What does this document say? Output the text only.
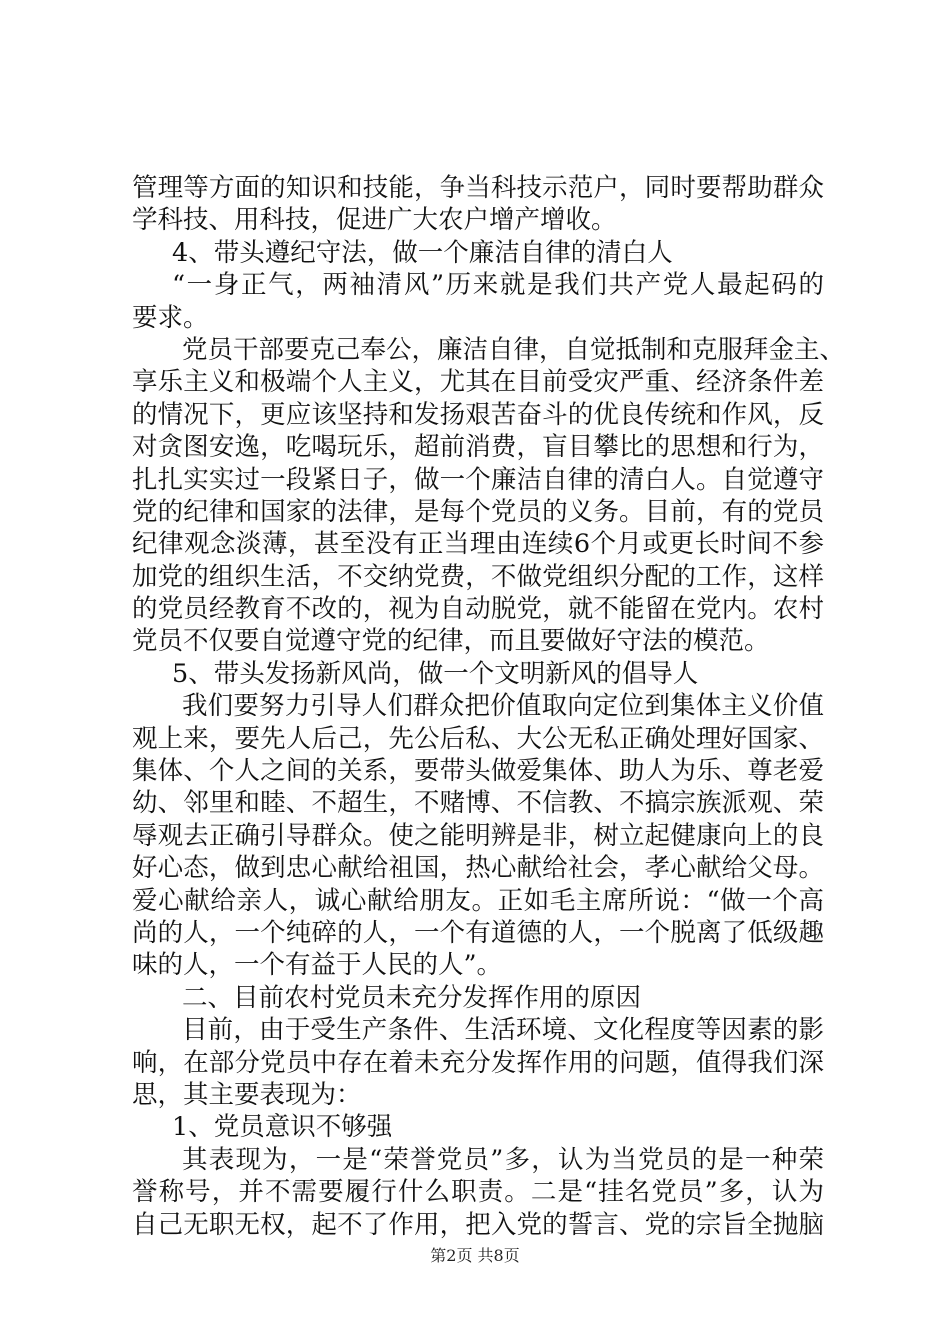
管理等方面的知识和技能，争当科技示范户，同时要帮助群众
学科技、用科技，促进广大农户增产增收。
4、带头遵纪守法，做一个廉洁自律的清白人
“一身正气，两袖清风”历来就是我们共产党人最起码的
要求。
党员干部要克己奉公，廉洁自律，自觉抵制和克服拜金主、
享乐主义和极端个人主义，尤其在目前受灾严重、经济条件差
的情况下，更应该坚持和发扬艰苦奋斗的优良传统和作风，反
对贪图安逸，吃喝玩乐，超前消费，盲目攀比的思想和行为，
扎扎实实过一段紧日子，做一个廉洁自律的清白人。自觉遵守
党的纪律和国家的法律，是每个党员的义务。目前，有的党员
纪律观念淡薄，甚至没有正当理由连续6个月或更长时间不参
加党的组织生活，不交纳党费，不做党组织分配的工作，这样
的党员经教育不改的，视为自动脱党，就不能留在党内。农村
党员不仅要自觉遵守党的纪律，而且要做好守法的模范。
5、带头发扬新风尚，做一个文明新风的倡导人
我们要努力引导人们群众把价值取向定位到集体主义价值
观上来，要先人后己，先公后私、大公无私正确处理好国家、
集体、个人之间的关系，要带头做爱集体、助人为乐、尊老爱
幼、邻里和睦、不超生，不赌博、不信教、不搞宗族派观、荣
辱观去正确引导群众。使之能明辨是非，树立起健康向上的良
好心态，做到忠心献给祖国，热心献给社会，孝心献给父母。
爱心献给亲人，诚心献给朋友。正如毛主席所说：“做一个高
尚的人，一个纯碎的人，一个有道德的人，一个脱离了低级趣
味的人，一个有益于人民的人”。
二、目前农村党员未充分发挥作用的原因
目前，由于受生产条件、生活环境、文化程度等因素的影
响，在部分党员中存在着未充分发挥作用的问题，值得我们深
思，其主要表现为：
1、党员意识不够强
其表现为，一是“荣誉党员”多，认为当党员的是一种荣
誉称号，并不需要履行什么职责。二是“挂名党员”多，认为
自己无职无权，起不了作用，把入党的誓言、党的宗旨全抛脑
第2页 共8页
